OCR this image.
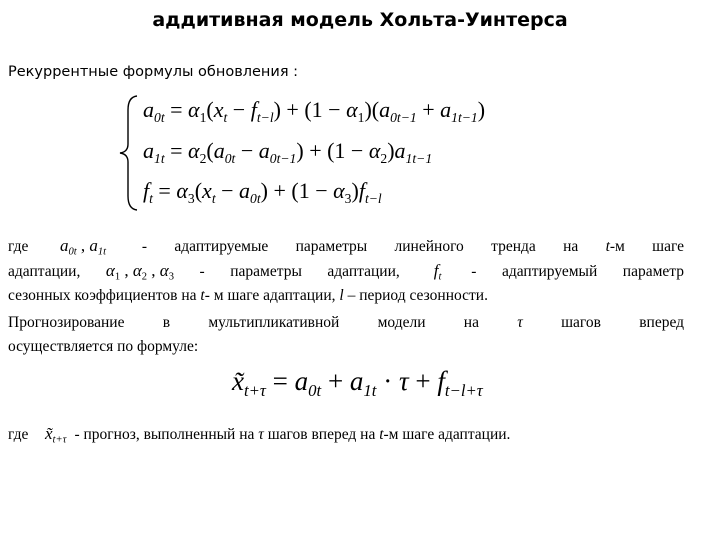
аддитивная модель Хольта-Уинтерса
Рекуррентные формулы обновления :
$a_{0t} = \alpha_1(x_t - f_{t-l}) + (1 - \alpha_1)(a_{0t-1} + a_{1t-1})$
$a_{1t} = \alpha_2(a_{0t} - a_{0t-1}) + (1 - \alpha_2)a_{1t-1}$
$f_t = \alpha_3(x_t - a_{0t}) + (1 - \alpha_3)f_{t-l}$
где $a_{0t}$ , $a_{1t}$ - адаптируемые параметры линейного тренда на t-м шаге
адаптации, $\alpha_1$ , $\alpha_2$ , $\alpha_3$ - параметры адаптации, $f_t$ - адаптируемый параметр
сезонных коэффициентов на t- м шаге адаптации, l – период сезонности.
Прогнозирование в мультипликативной модели на τ шагов вперед
осуществляется по формуле:
$x̃_{t+\tau} = a_{0t} + a_{1t} \cdot \tau + f_{t-l+\tau}$
где $x̃_{t+\tau}$ - прогноз, выполненный на τ шагов вперед на t-м шаге адаптации.
